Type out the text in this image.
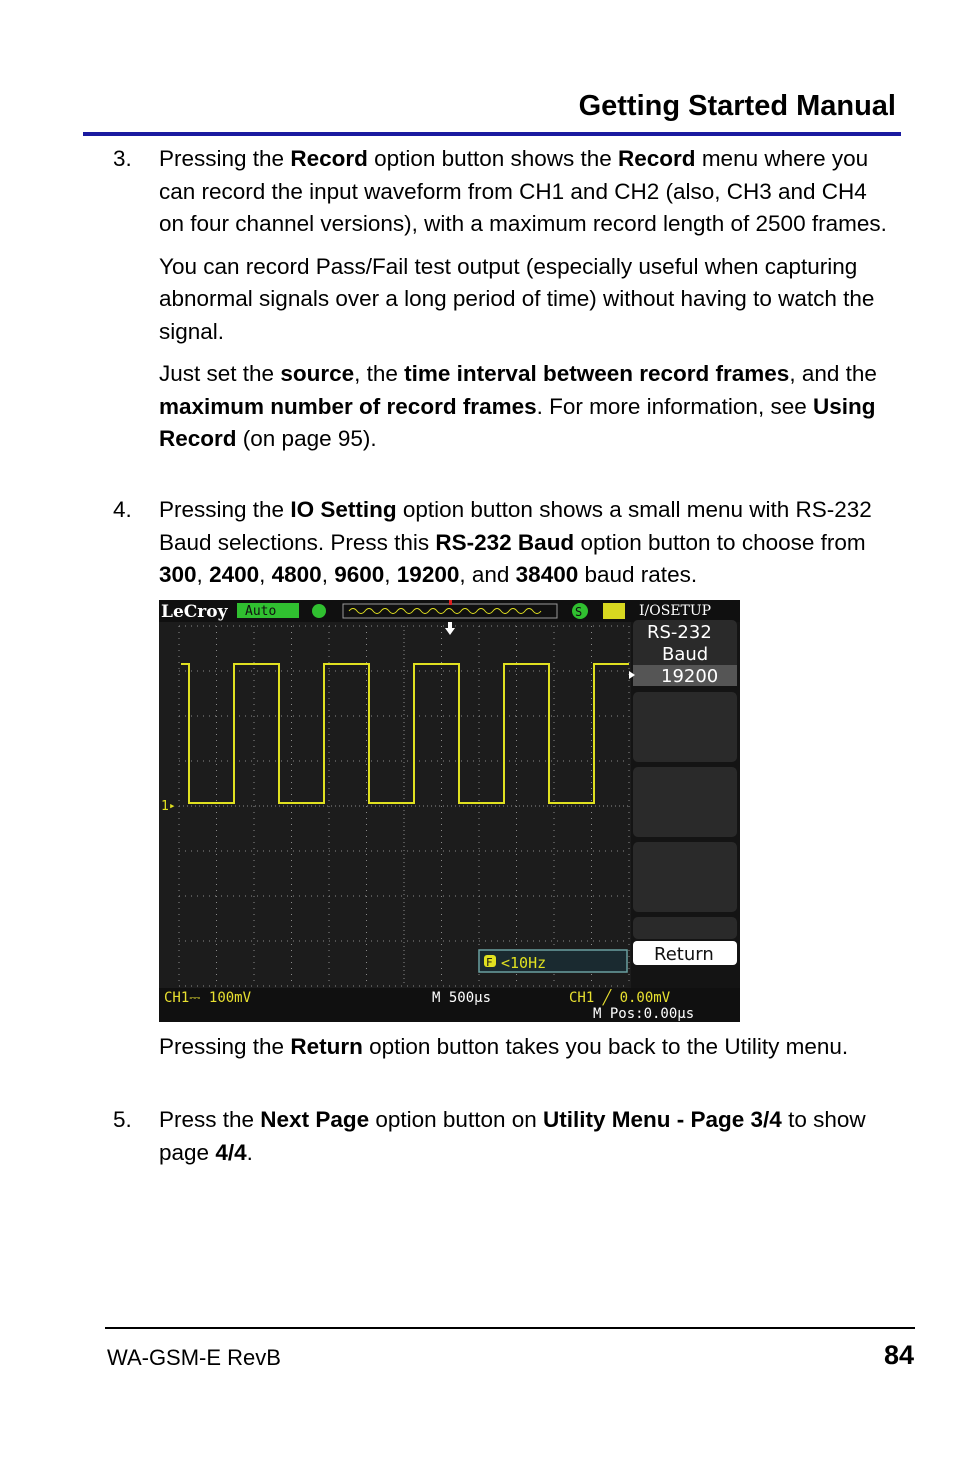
Getting Started Manual
3.	Pressing the Record option button shows the Record menu where you can record the input waveform from CH1 and CH2 (also, CH3 and CH4 on four channel versions), with a maximum record length of 2500 frames.

You can record Pass/Fail test output (especially useful when capturing abnormal signals over a long period of time) without having to watch the signal.

Just set the source, the time interval between record frames, and the maximum number of record frames. For more information, see Using Record (on page 95).

4.	Pressing the IO Setting option button shows a small menu with RS-232 Baud selections. Press this RS-232 Baud option button to choose from 300, 2400, 4800, 9600, 19200, and 38400 baud rates.

LeCroy Auto	S	I/OSETUP
1 ▸
RS-232
Baud
19200
Return
F <10Hz
CH1⎓ 100mV	M 500μs	CH1 ╱ 0.00mV
M Pos:0.00μs

Pressing the Return option button takes you back to the Utility menu.

5.	Press the Next Page option button on Utility Menu - Page 3/4 to show page 4/4.

WA-GSM-E RevB	84
